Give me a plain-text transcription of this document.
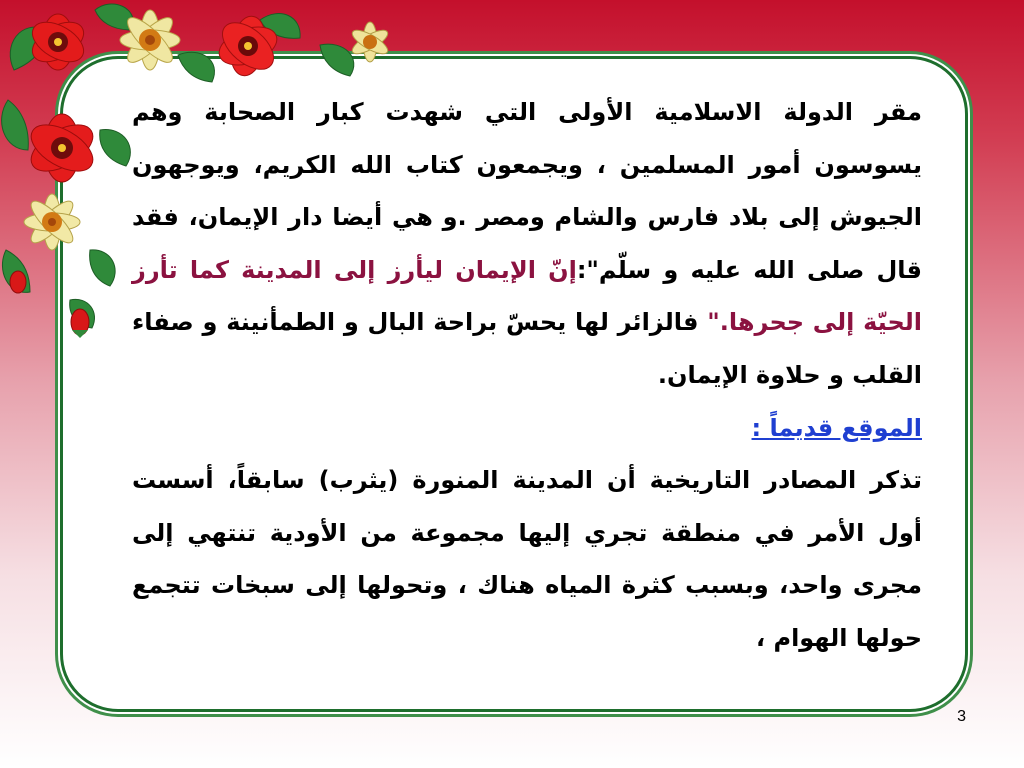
مقر الدولة الاسلامية الأولى التي شهدت كبار الصحابة وهم يسوسون أمور المسلمين ، ويجمعون كتاب الله الكريم، ويوجهون الجيوش إلى بلاد فارس والشام ومصر .و هي أيضا دار الإيمان، فقد قال صلى الله عليه و سلّم":إنّ الإيمان ليأرز إلى المدينة كما تأرز الحيّة إلى جحرها." فالزائر لها يحسّ براحة البال و الطمأنينة و صفاء القلب و حلاوة الإيمان.

الموقع قديماً :

تذكر المصادر التاريخية أن المدينة المنورة (يثرب) سابقاً، أسست أول الأمر في منطقة تجري إليها مجموعة من الأودية تنتهي إلى مجرى واحد، وبسبب كثرة المياه هناك ، وتحولها إلى سبخات تتجمع حولها الهوام ،

3
